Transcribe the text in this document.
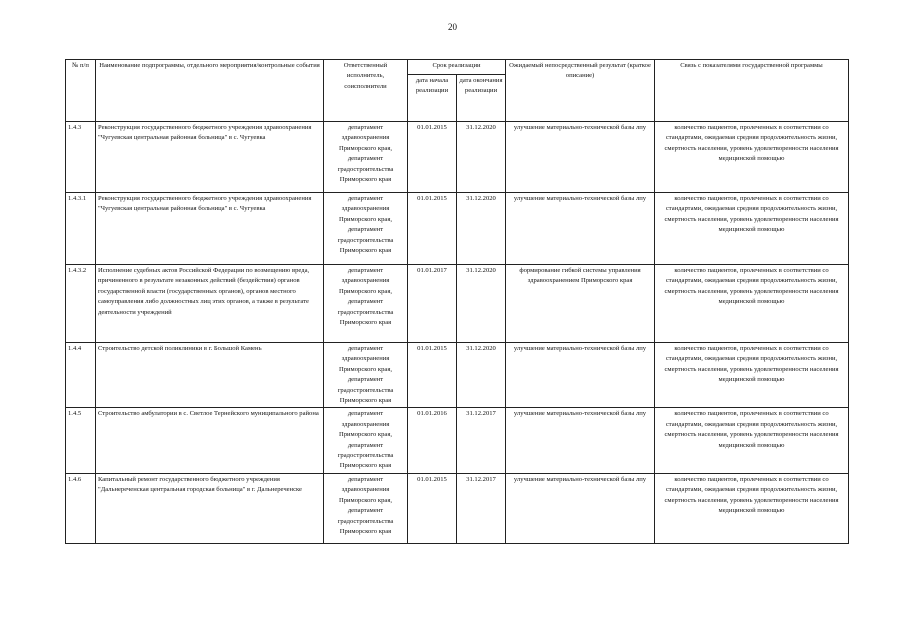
20
№ п/п	Наименование подпрограммы, отдельного мероприятия/контрольные события	Ответственный исполнитель, соисполнители	Срок реализации		Ожидаемый непосредственный результат (краткое описание)	Связь с показателями государственной программы
			дата начала реализации	дата окончания реализации		
1.4.3	Реконструкция государственного бюджетного учреждения здравоохранения "Чугуевская центральная районная больница" в с. Чугуевка	департамент здравоохранения Приморского края, департамент градостроительства Приморского края	01.01.2015	31.12.2020	улучшение материально-технической базы лпу	количество пациентов, пролеченных в соответствии со стандартами, ожидаемая средняя продолжительность жизни, смертность населения, уровень удовлетворенности населения медицинской помощью
1.4.3.1	Реконструкция государственного бюджетного учреждения здравоохранения "Чугуевская центральная районная больница" в с. Чугуевка	департамент здравоохранения Приморского края, департамент градостроительства Приморского края	01.01.2015	31.12.2020	улучшение материально-технической базы лпу	количество пациентов, пролеченных в соответствии со стандартами, ожидаемая средняя продолжительность жизни, смертность населения, уровень удовлетворенности населения медицинской помощью
1.4.3.2	Исполнение судебных актов Российской Федерации по возмещению вреда, причиненного в результате незаконных действий (бездействия) органов государственной власти (государственных органов), органов местного самоуправления либо должностных лиц этих органов, а также в результате деятельности учреждений	департамент здравоохранения Приморского края, департамент градостроительства Приморского края	01.01.2017	31.12.2020	формирование гибкой системы управления здравоохранением Приморского края	количество пациентов, пролеченных в соответствии со стандартами, ожидаемая средняя продолжительность жизни, смертность населения, уровень удовлетворенности населения медицинской помощью
1.4.4	Строительство детской поликлиники в г. Большой Камень	департамент здравоохранения Приморского края, департамент градостроительства Приморского края	01.01.2015	31.12.2020	улучшение материально-технической базы лпу	количество пациентов, пролеченных в соответствии со стандартами, ожидаемая средняя продолжительность жизни, смертность населения, уровень удовлетворенности населения медицинской помощью
1.4.5	Строительство амбулатории в с. Светлое Тернейского муниципального района	департамент здравоохранения Приморского края, департамент градостроительства Приморского края	01.01.2016	31.12.2017	улучшение материально-технической базы лпу	количество пациентов, пролеченных в соответствии со стандартами, ожидаемая средняя продолжительность жизни, смертность населения, уровень удовлетворенности населения медицинской помощью
1.4.6	Капитальный ремонт государственного бюджетного учреждения "Дальнереченская центральная городская больница" в г. Дальнереченске	департамент здравоохранения Приморского края, департамент градостроительства Приморского края	01.01.2015	31.12.2017	улучшение материально-технической базы лпу	количество пациентов, пролеченных в соответствии со стандартами, ожидаемая средняя продолжительность жизни, смертность населения, уровень удовлетворенности населения медицинской помощью
